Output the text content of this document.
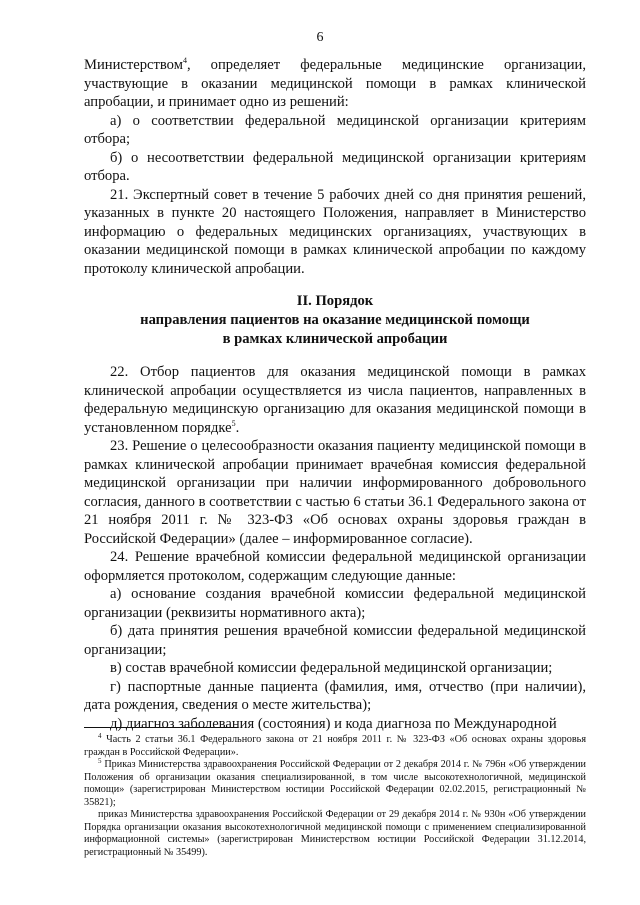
6

Министерством$^4$, определяет федеральные медицинские организации, участвующие в оказании медицинской помощи в рамках клинической апробации, и принимает одно из решений:

а) о соответствии федеральной медицинской организации критериям отбора;

б) о несоответствии федеральной медицинской организации критериям отбора.

21. Экспертный совет в течение 5 рабочих дней со дня принятия решений, указанных в пункте 20 настоящего Положения, направляет в Министерство информацию о федеральных медицинских организациях, участвующих в оказании медицинской помощи в рамках клинической апробации по каждому протоколу клинической апробации.

II. Порядок
направления пациентов на оказание медицинской помощи
в рамках клинической апробации

22. Отбор пациентов для оказания медицинской помощи в рамках клинической апробации осуществляется из числа пациентов, направленных в федеральную медицинскую организацию для оказания медицинской помощи в установленном порядке$^5$.

23. Решение о целесообразности оказания пациенту медицинской помощи в рамках клинической апробации принимает врачебная комиссия федеральной медицинской организации при наличии информированного добровольного согласия, данного в соответствии с частью 6 статьи 36.1 Федерального закона от 21 ноября 2011 г. № 323-ФЗ «Об основах охраны здоровья граждан в Российской Федерации» (далее – информированное согласие).

24. Решение врачебной комиссии федеральной медицинской организации оформляется протоколом, содержащим следующие данные:

а) основание создания врачебной комиссии федеральной медицинской организации (реквизиты нормативного акта);

б) дата принятия решения врачебной комиссии федеральной медицинской организации;

в) состав врачебной комиссии федеральной медицинской организации;

г) паспортные данные пациента (фамилия, имя, отчество (при наличии), дата рождения, сведения о месте жительства);

д) диагноз заболевания (состояния) и кода диагноза по Международной

$^4$ Часть 2 статьи 36.1 Федерального закона от 21 ноября 2011 г. № 323-ФЗ «Об основах охраны здоровья граждан в Российской Федерации».

$^5$ Приказ Министерства здравоохранения Российской Федерации от 2 декабря 2014 г. № 796н «Об утверждении Положения об организации оказания специализированной, в том числе высокотехнологичной, медицинской помощи» (зарегистрирован Министерством юстиции Российской Федерации 02.02.2015, регистрационный № 35821);

приказ Министерства здравоохранения Российской Федерации от 29 декабря 2014 г. № 930н «Об утверждении Порядка организации оказания высокотехнологичной медицинской помощи с применением специализированной информационной системы» (зарегистрирован Министерством юстиции Российской Федерации 31.12.2014, регистрационный № 35499).
